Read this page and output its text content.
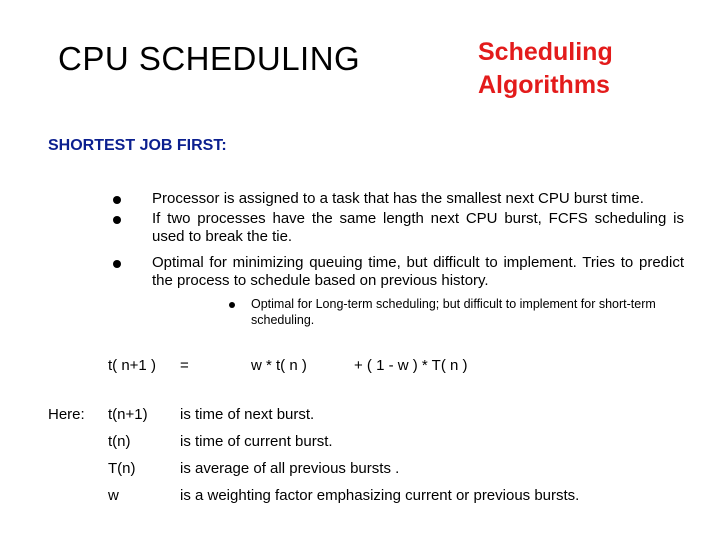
CPU SCHEDULING	Scheduling
Algorithms
SHORTEST JOB FIRST:
Processor is assigned to a task that has the smallest next CPU burst time.
If two processes have the same length next CPU burst, FCFS scheduling is used to break the tie.
Optimal for minimizing queuing time, but difficult to implement. Tries to predict the process to schedule based on previous history.
Optimal for Long-term scheduling; but difficult to implement for short-term scheduling.
t( n+1 ) =	w * t( n )	+ ( 1 - w ) * T( n )
Here: t(n+1) is time of next burst.
t(n)	is time of current burst.
T(n)	is average of all previous bursts .
w	is a weighting factor emphasizing current or previous bursts.
